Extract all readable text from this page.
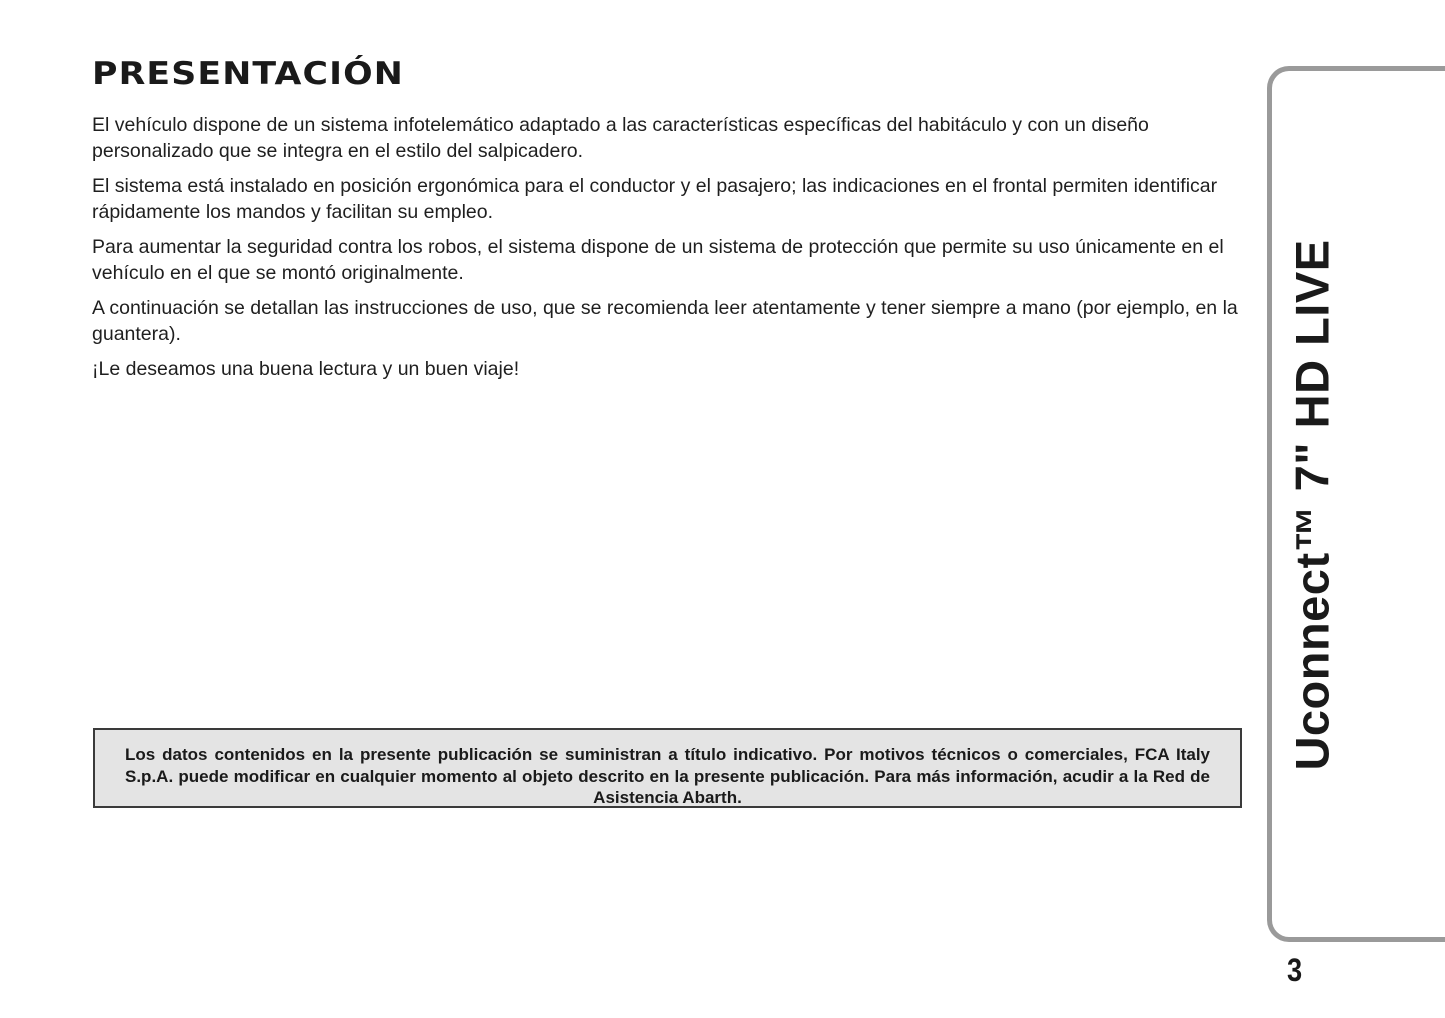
PRESENTACIÓN

El vehículo dispone de un sistema infotelemático adaptado a las características específicas del habitáculo y con un diseño personalizado que se integra en el estilo del salpicadero.

El sistema está instalado en posición ergonómica para el conductor y el pasajero; las indicaciones en el frontal permiten identificar rápidamente los mandos y facilitan su empleo.

Para aumentar la seguridad contra los robos, el sistema dispone de un sistema de protección que permite su uso únicamente en el vehículo en el que se montó originalmente.

A continuación se detallan las instrucciones de uso, que se recomienda leer atentamente y tener siempre a mano (por ejemplo, en la guantera).

¡Le deseamos una buena lectura y un buen viaje!

Los datos contenidos en la presente publicación se suministran a título indicativo. Por motivos técnicos o comerciales, FCA Italy S.p.A. puede modificar en cualquier momento al objeto descrito en la presente publicación. Para más información, acudir a la Red de Asistencia Abarth.

Uconnect™ 7" HD LIVE
3
